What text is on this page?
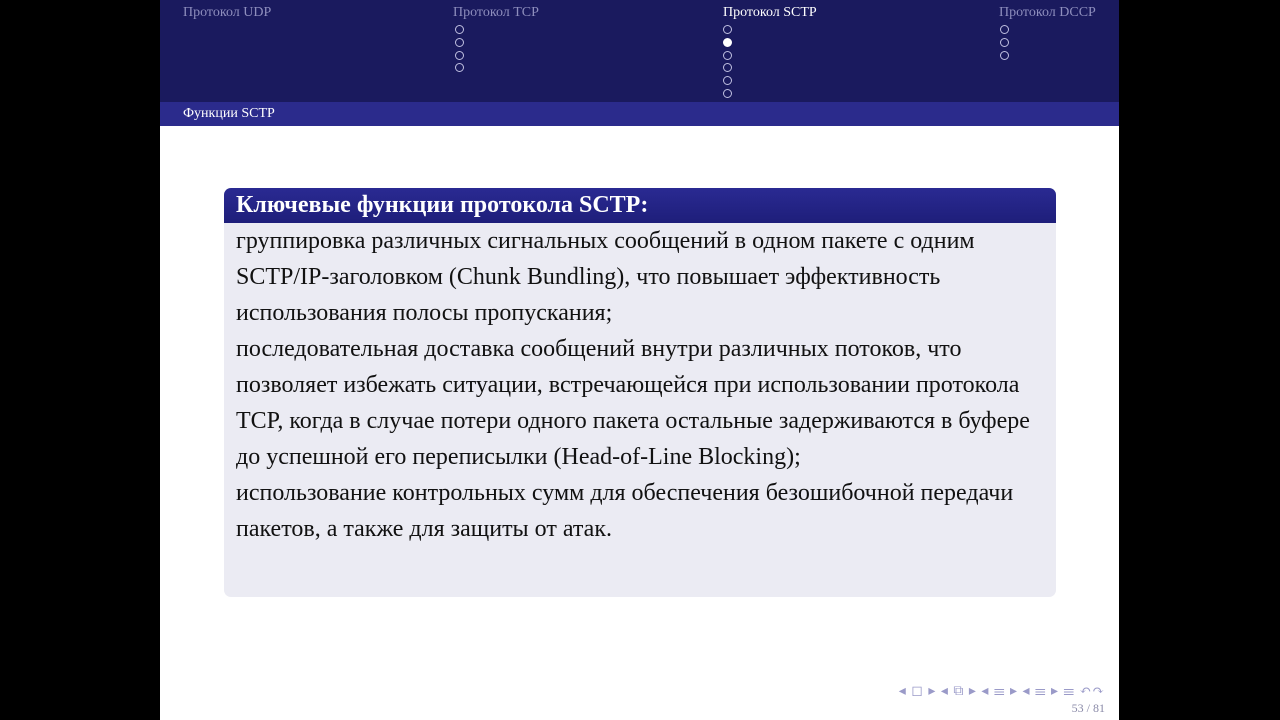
Протокол UDP	Протокол TCP	Протокол SCTP	Протокол DCCP
Функции SCTP
Ключевые функции протокола SCTP:
группировка различных сигнальных сообщений в одном пакете с одним SCTP/IP-заголовком (Chunk Bundling), что повышает эффективность использования полосы пропускания;
последовательная доставка сообщений внутри различных потоков, что позволяет избежать ситуации, встречающейся при использовании протокола TCP, когда в случае потери одного пакета остальные задерживаются в буфере до успешной его переписылки (Head-of-Line Blocking);
использование контрольных сумм для обеспечения безошибочной передачи пакетов, а также для защиты от атак.
◂ ◻ ▸ ◂ ⧉ ▸ ◂ ☰ ▸ ◂ ☰ ▸ ☰ ↶↷
53 / 81
